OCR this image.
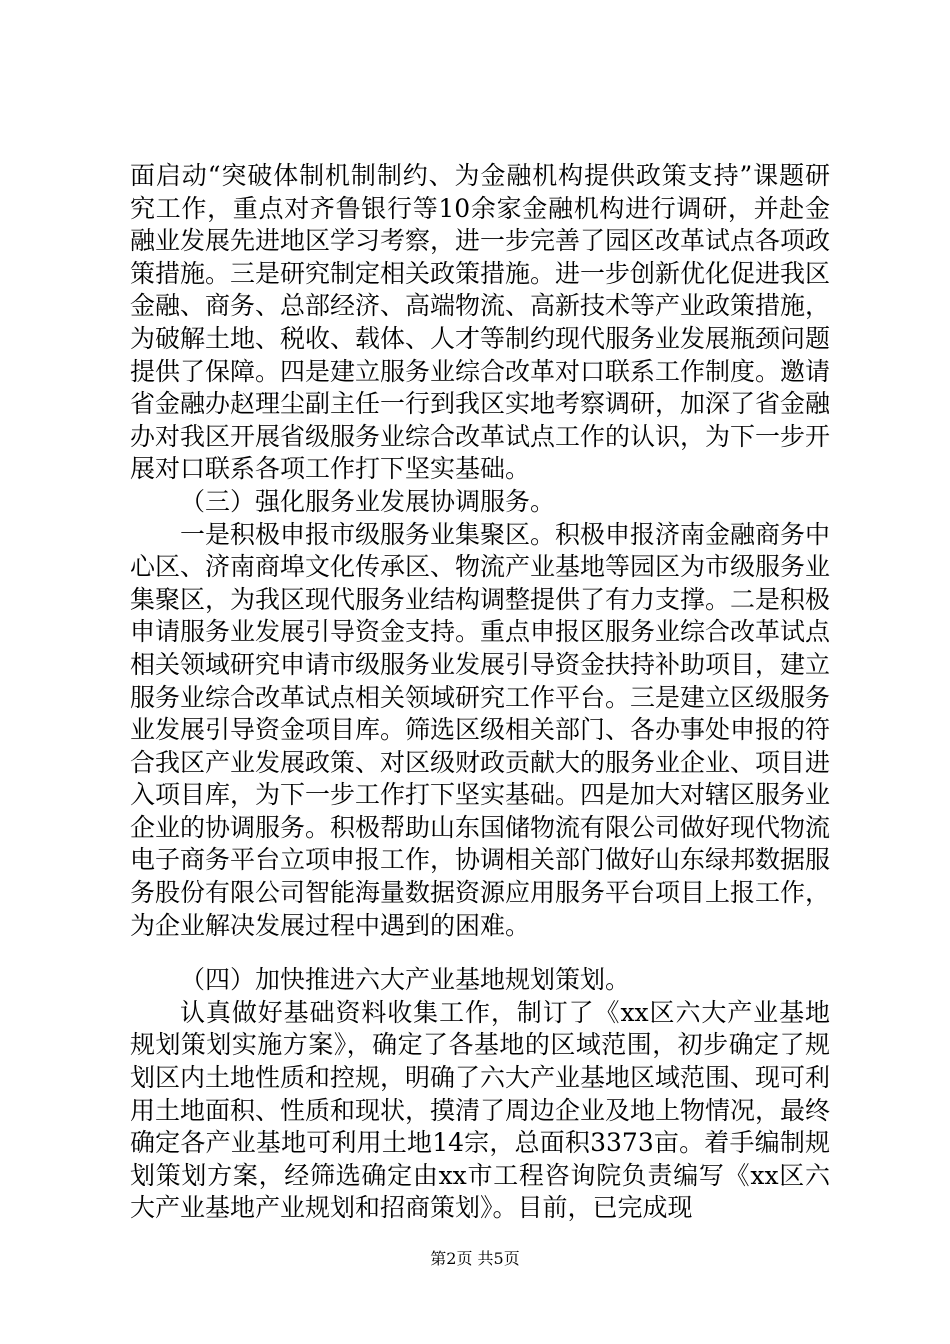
面启动“突破体制机制制约、为金融机构提供政策支持”课题研究工作，重点对齐鲁银行等10余家金融机构进行调研，并赴金融业发展先进地区学习考察，进一步完善了园区改革试点各项政策措施。三是研究制定相关政策措施。进一步创新优化促进我区金融、商务、总部经济、高端物流、高新技术等产业政策措施，为破解土地、税收、载体、人才等制约现代服务业发展瓶颈问题提供了保障。四是建立服务业综合改革对口联系工作制度。邀请省金融办赵理尘副主任一行到我区实地考察调研，加深了省金融办对我区开展省级服务业综合改革试点工作的认识，为下一步开展对口联系各项工作打下坚实基础。

（三）强化服务业发展协调服务。

一是积极申报市级服务业集聚区。积极申报济南金融商务中心区、济南商埠文化传承区、物流产业基地等园区为市级服务业集聚区，为我区现代服务业结构调整提供了有力支撑。二是积极申请服务业发展引导资金支持。重点申报区服务业综合改革试点相关领域研究申请市级服务业发展引导资金扶持补助项目，建立服务业综合改革试点相关领域研究工作平台。三是建立区级服务业发展引导资金项目库。筛选区级相关部门、各办事处申报的符合我区产业发展政策、对区级财政贡献大的服务业企业、项目进入项目库，为下一步工作打下坚实基础。四是加大对辖区服务业企业的协调服务。积极帮助山东国储物流有限公司做好现代物流电子商务平台立项申报工作，协调相关部门做好山东绿邦数据服务股份有限公司智能海量数据资源应用服务平台项目上报工作，为企业解决发展过程中遇到的困难。

（四）加快推进六大产业基地规划策划。

认真做好基础资料收集工作，制订了《xx区六大产业基地规划策划实施方案》，确定了各基地的区域范围，初步确定了规划区内土地性质和控规，明确了六大产业基地区域范围、现可利用土地面积、性质和现状，摸清了周边企业及地上物情况，最终确定各产业基地可利用土地14宗，总面积3373亩。着手编制规划策划方案，经筛选确定由xx市工程咨询院负责编写《xx区六大产业基地产业规划和招商策划》。目前，已完成现

第2页 共5页
